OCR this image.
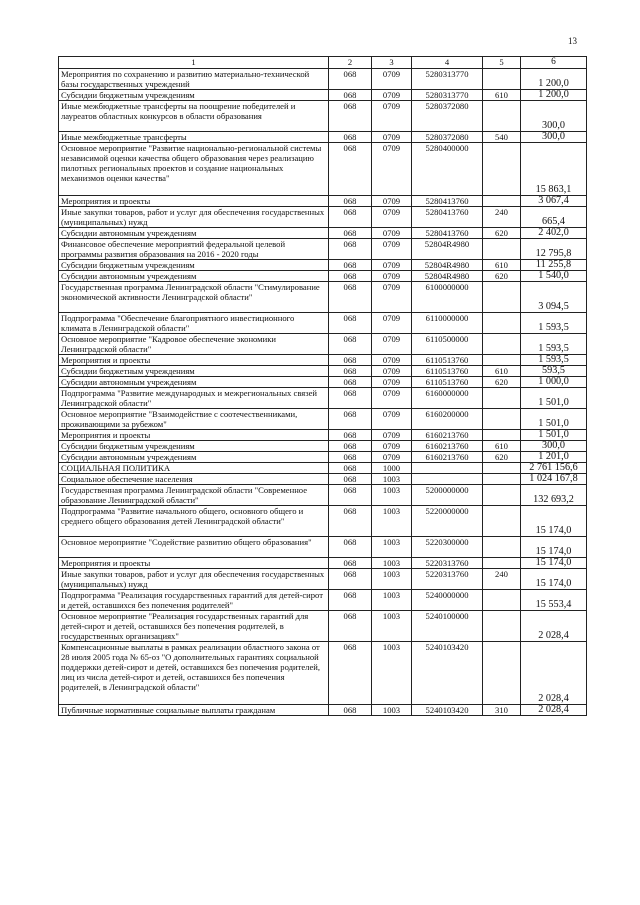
13
1	2	3	4	5	6
Мероприятия по сохранению и развитию материально-технической базы государственных учреждений	068	0709	5280313770		1 200,0
Субсидии бюджетным учреждениям	068	0709	5280313770	610	1 200,0
Иные межбюджетные трансферты на поощрение победителей и лауреатов областных конкурсов в области образования	068	0709	5280372080		300,0
Иные межбюджетные трансферты	068	0709	5280372080	540	300,0
Основное мероприятие "Развитие национально-региональной системы независимой оценки качества общего образования через реализацию пилотных региональных проектов и создание национальных механизмов оценки качества"	068	0709	5280400000		15 863,1
Мероприятия и проекты	068	0709	5280413760		3 067,4
Иные закупки товаров, работ и услуг для обеспечения государственных (муниципальных) нужд	068	0709	5280413760	240	665,4
Субсидии автономным учреждениям	068	0709	5280413760	620	2 402,0
Финансовое обеспечение мероприятий федеральной целевой программы развития образования на 2016 - 2020 годы	068	0709	52804R4980		12 795,8
Субсидии бюджетным учреждениям	068	0709	52804R4980	610	11 255,8
Субсидии автономным учреждениям	068	0709	52804R4980	620	1 540,0
Государственная программа Ленинградской области "Стимулирование экономической активности Ленинградской области"	068	0709	6100000000		3 094,5
Подпрограмма "Обеспечение благоприятного инвестиционного климата в Ленинградской области"	068	0709	6110000000		1 593,5
Основное мероприятие "Кадровое обеспечение экономики Ленинградской области"	068	0709	6110500000		1 593,5
Мероприятия и проекты	068	0709	6110513760		1 593,5
Субсидии бюджетным учреждениям	068	0709	6110513760	610	593,5
Субсидии автономным учреждениям	068	0709	6110513760	620	1 000,0
Подпрограмма "Развитие международных и межрегиональных связей Ленинградской области"	068	0709	6160000000		1 501,0
Основное мероприятие "Взаимодействие с соотечественниками, проживающими за рубежом"	068	0709	6160200000		1 501,0
Мероприятия и проекты	068	0709	6160213760		1 501,0
Субсидии бюджетным учреждениям	068	0709	6160213760	610	300,0
Субсидии автономным учреждениям	068	0709	6160213760	620	1 201,0
СОЦИАЛЬНАЯ ПОЛИТИКА	068	1000			2 761 156,6
Социальное обеспечение населения	068	1003			1 024 167,8
Государственная программа Ленинградской области "Современное образование Ленинградской области"	068	1003	5200000000		132 693,2
Подпрограмма "Развитие начального общего, основного общего и среднего общего образования детей Ленинградской области"	068	1003	5220000000		15 174,0
Основное мероприятие "Содействие развитию общего образования"	068	1003	5220300000		15 174,0
Мероприятия и проекты	068	1003	5220313760		15 174,0
Иные закупки товаров, работ и услуг для обеспечения государственных (муниципальных) нужд	068	1003	5220313760	240	15 174,0
Подпрограмма "Реализация государственных гарантий для детей-сирот и детей, оставшихся без попечения родителей"	068	1003	5240000000		15 553,4
Основное мероприятие "Реализация государственных гарантий для детей-сирот и детей, оставшихся без попечения родителей, в государственных организациях"	068	1003	5240100000		2 028,4
Компенсационные выплаты в рамках реализации областного закона от 28 июля 2005 года № 65-оз "О дополнительных гарантиях социальной поддержки детей-сирот и детей, оставшихся без попечения родителей, лиц из числа детей-сирот и детей, оставшихся без попечения родителей, в Ленинградской области"	068	1003	5240103420		2 028,4
Публичные нормативные социальные выплаты гражданам	068	1003	5240103420	310	2 028,4
